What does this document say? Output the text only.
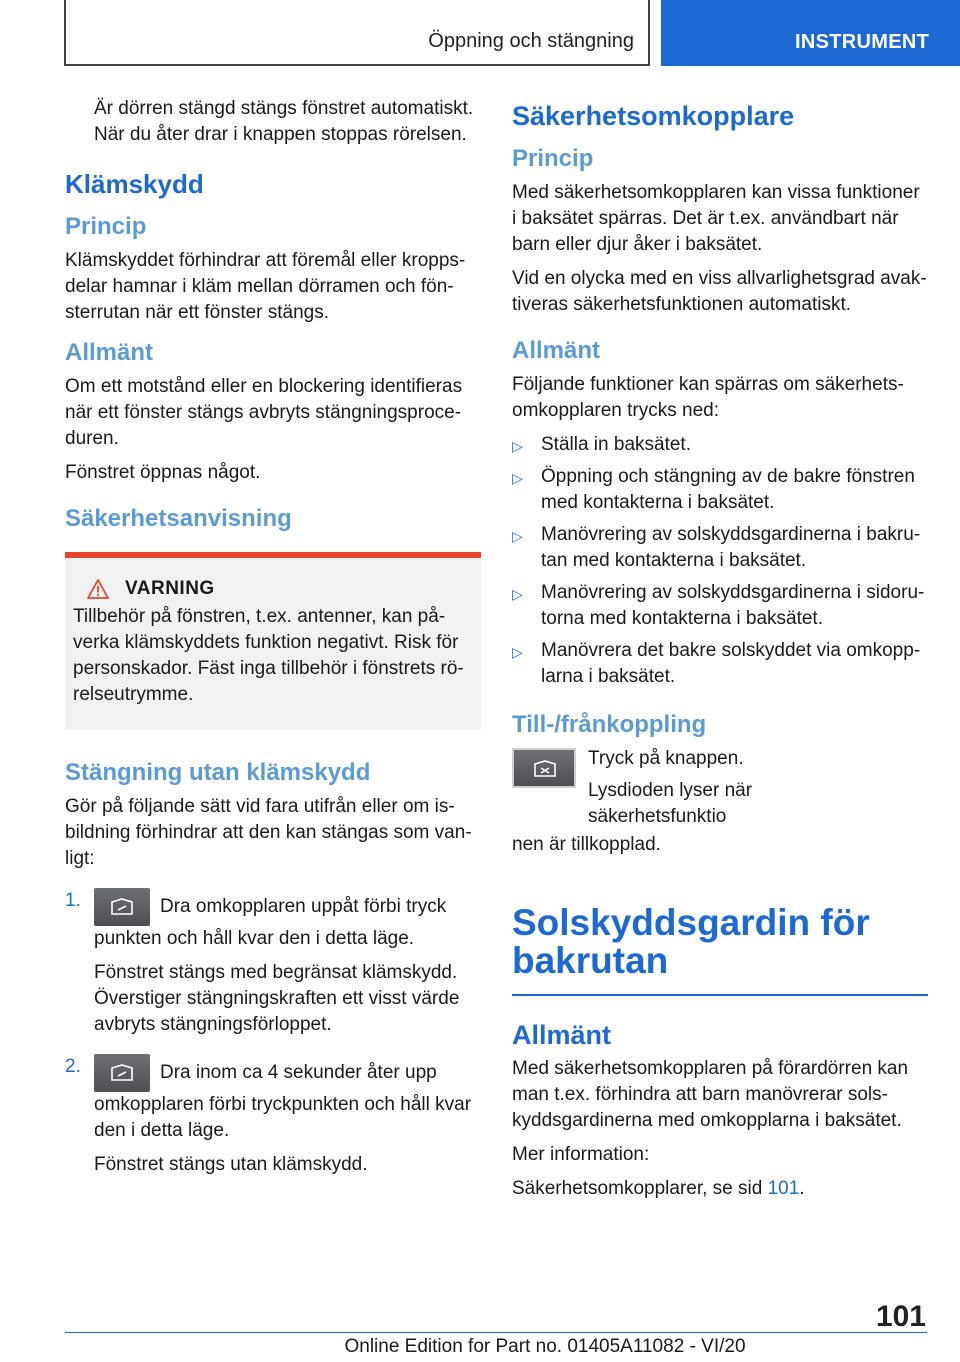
Öppning och stängning	INSTRUMENT

Är dörren stängd stängs fönstret automatiskt.
När du åter drar i knappen stoppas rörelsen.

Klämskydd
Princip

Klämskyddet förhindrar att föremål eller kroppsdelar hamnar i kläm mellan dörramen och fönsterrutan när ett fönster stängs.

Allmänt

Om ett motstånd eller en blockering identifieras när ett fönster stängs avbryts stängningsproceduren.

Fönstret öppnas något.

Säkerhetsanvisning
VARNING

Tillbehör på fönstren, t.ex. antenner, kan påverka klämskyddets funktion negativt. Risk för personskador. Fäst inga tillbehör i fönstrets rörelseutrymme.

Stängning utan klämskydd

Gör på följande sätt vid fara utifrån eller om isbildning förhindrar att den kan stängas som vanligt:

1.	Dra omkopplaren uppåt förbi tryck punkten och håll kvar den i detta läge.

Fönstret stängs med begränsat klämskydd. Överstiger stängningskraften ett visst värde avbryts stängningsförloppet.

2.	Dra inom ca 4 sekunder åter upp omkopplaren förbi tryckpunkten och håll kvar den i detta läge.

Fönstret stängs utan klämskydd.

Säkerhetsomkopplare
Princip

Med säkerhetsomkopplaren kan vissa funktioner i baksätet spärras. Det är t.ex. användbart när barn eller djur åker i baksätet.

Vid en olycka med en viss allvarlighetsgrad avaktiveras säkerhetsfunktionen automatiskt.

Allmänt

Följande funktioner kan spärras om säkerhetsomkopplaren trycks ned:

▷ Ställa in baksätet.
▷ Öppning och stängning av de bakre fönstren med kontakterna i baksätet.
▷ Manövrering av solskyddsgardinerna i bakrutan med kontakterna i baksätet.
▷ Manövrering av solskyddsgardinerna i sidorutorna med kontakterna i baksätet.
▷ Manövrera det bakre solskyddet via omkopplarna i baksätet.
Till-/frånkoppling

Tryck på knappen.

Lysdioden lyser när säkerhetsfunktio

nen är tillkopplad.

Solskyddsgardin för bakrutan
Allmänt

Med säkerhetsomkopplaren på förardörren kan man t.ex. förhindra att barn manövrerar solskyddsgardinerna med omkopplarna i baksätet.

Mer information:

Säkerhetsomkopplarer, se sid 101.

101
Online Edition for Part no. 01405A11082 - VI/20
